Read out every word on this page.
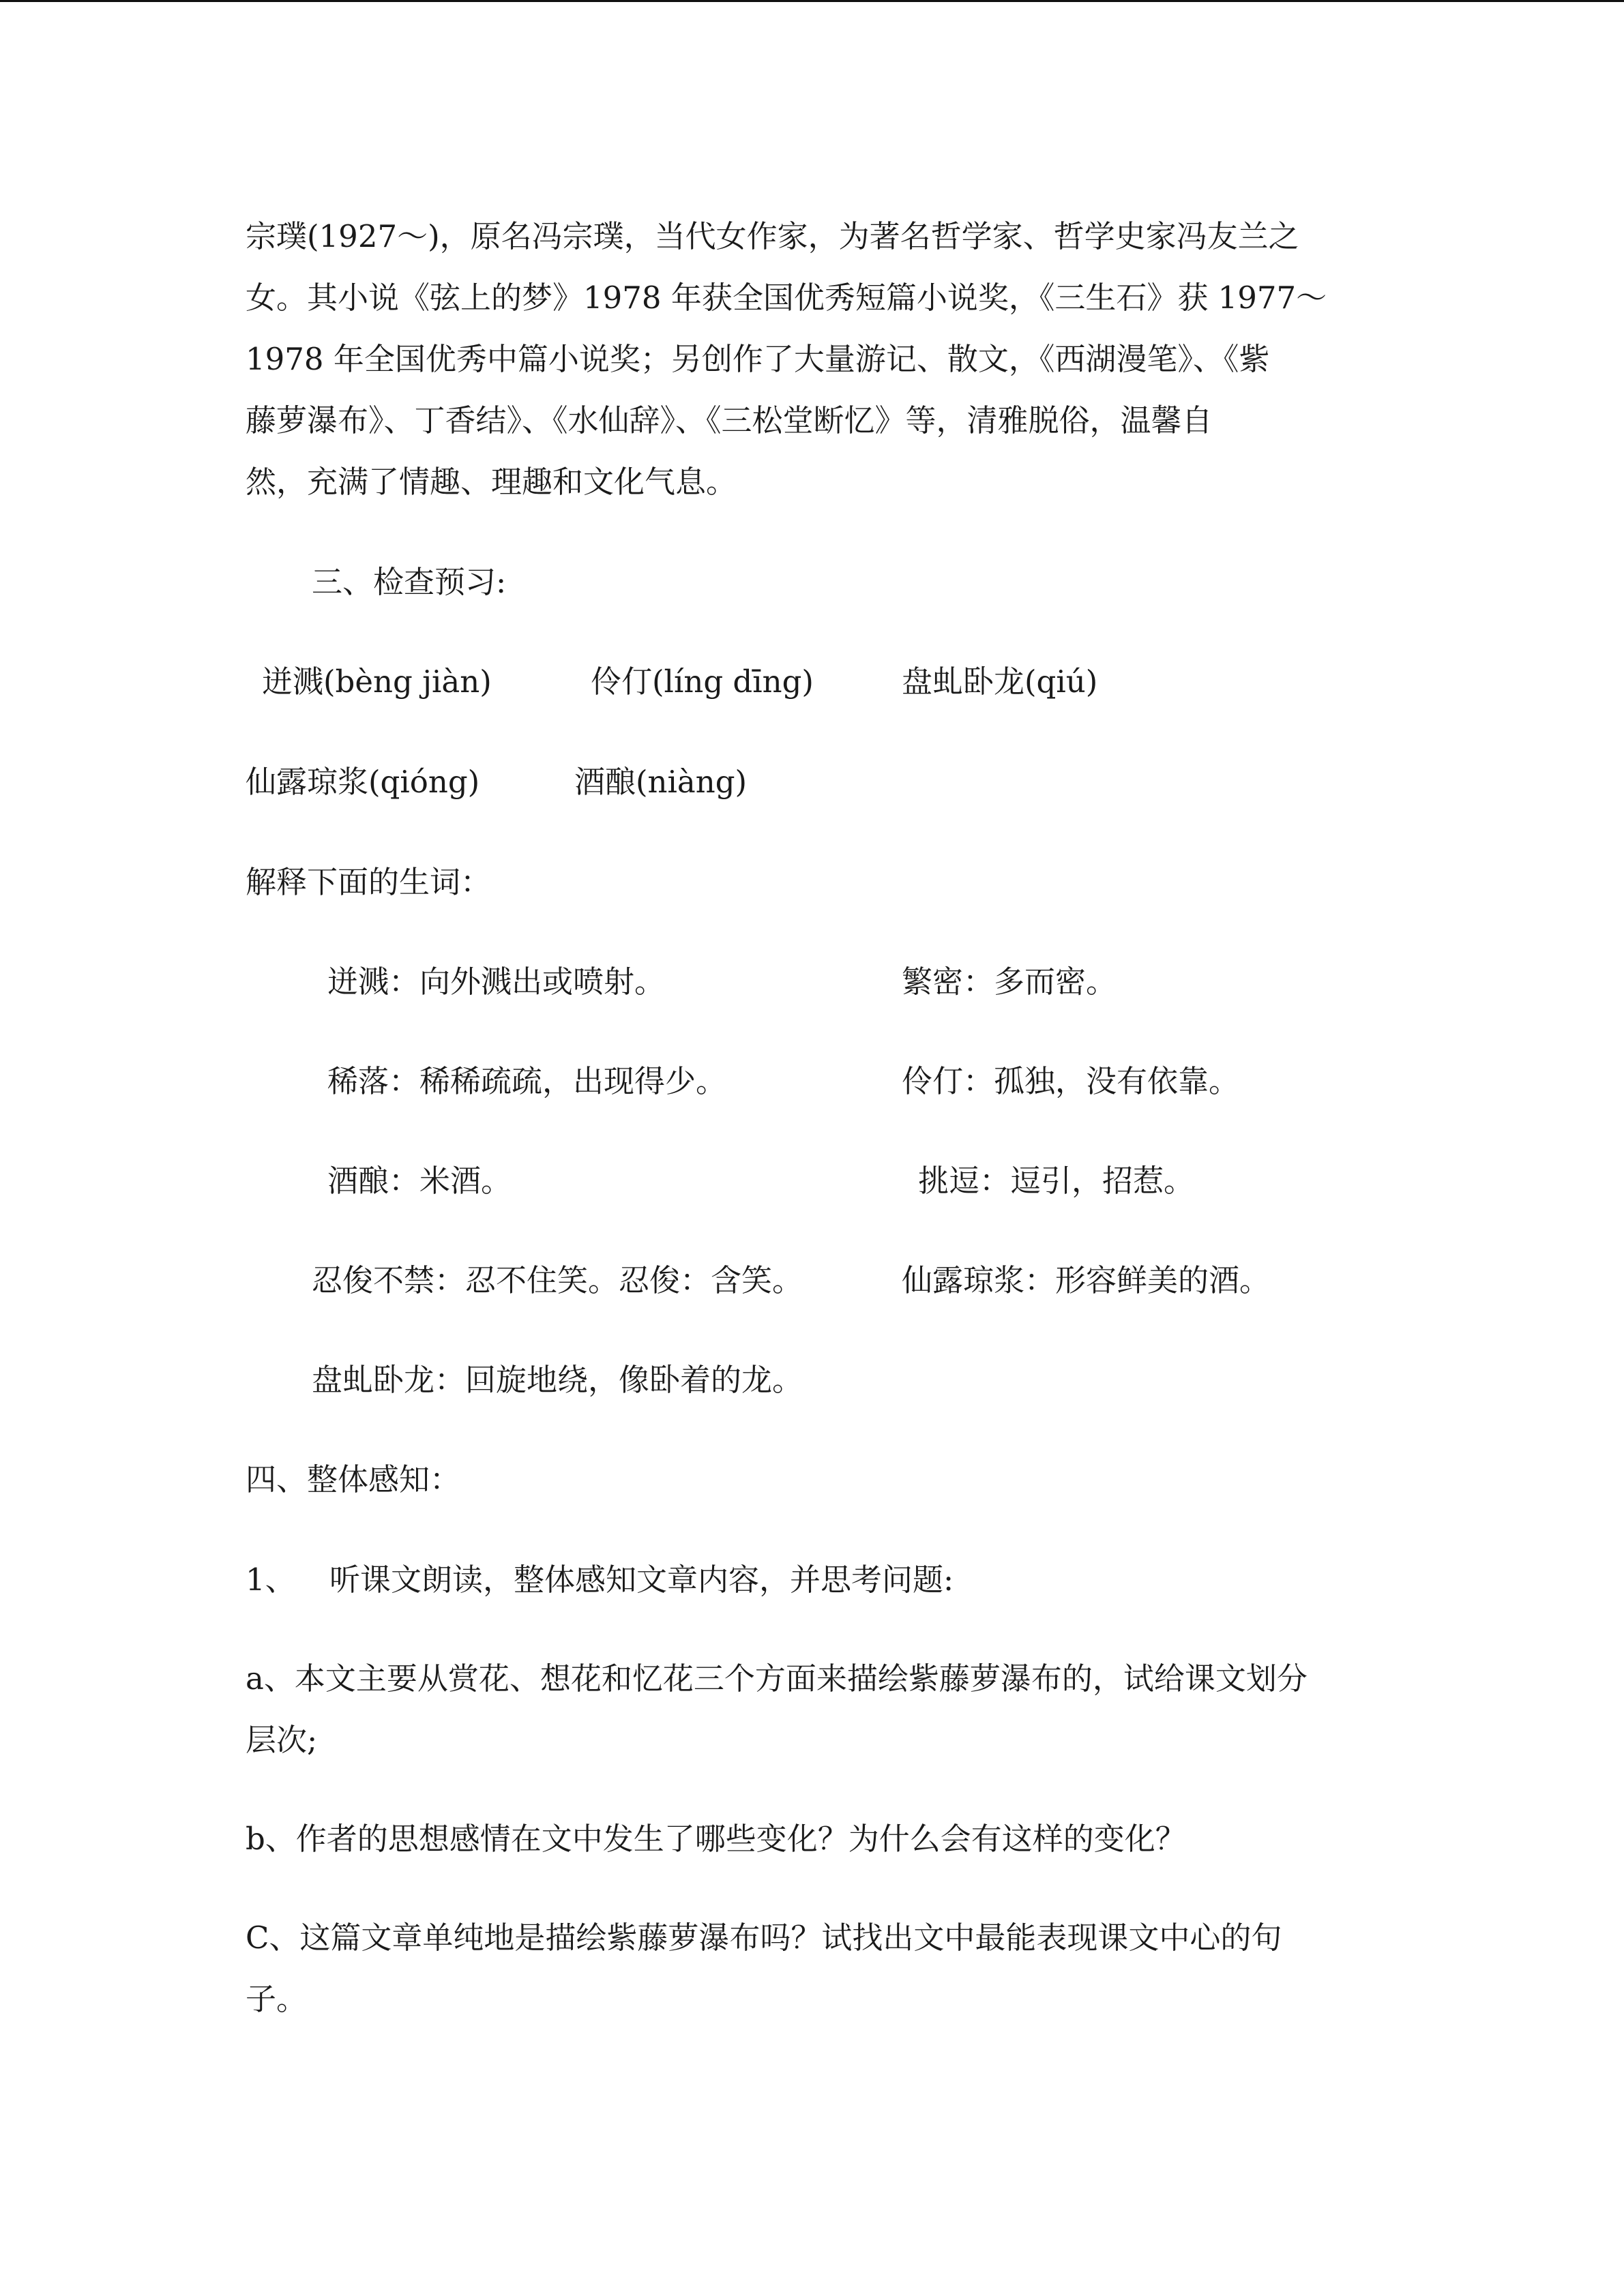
宗璞(1927～)，原名冯宗璞，当代女作家，为著名哲学家、哲学史家冯友兰之
女。其小说《弦上的梦》1978 年获全国优秀短篇小说奖，《三生石》获 1977～
1978 年全国优秀中篇小说奖；另创作了大量游记、散文，《西湖漫笔》、《紫
藤萝瀑布》、丁香结》、《水仙辞》、《三松堂断忆》等，清雅脱俗，温馨自
然，充满了情趣、理趣和文化气息。
三、检查预习:
迸溅(bèng jiàn)	伶仃(líng dīng)	盘虬卧龙(qiú)
仙露琼浆(qióng)	酒酿(niàng)
解释下面的生词：
迸溅：向外溅出或喷射。	繁密：多而密。
稀落：稀稀疏疏，出现得少。	伶仃：孤独，没有依靠。
酒酿：米酒。	挑逗：逗引，招惹。
忍俊不禁：忍不住笑。忍俊：含笑。	仙露琼浆：形容鲜美的酒。
盘虬卧龙：回旋地绕，像卧着的龙。
四、整体感知：
1、 听课文朗读，整体感知文章内容，并思考问题:
a、本文主要从赏花、想花和忆花三个方面来描绘紫藤萝瀑布的，试给课文划分
层次;
b、作者的思想感情在文中发生了哪些变化？为什么会有这样的变化？
C、这篇文章单纯地是描绘紫藤萝瀑布吗？试找出文中最能表现课文中心的句
子。
